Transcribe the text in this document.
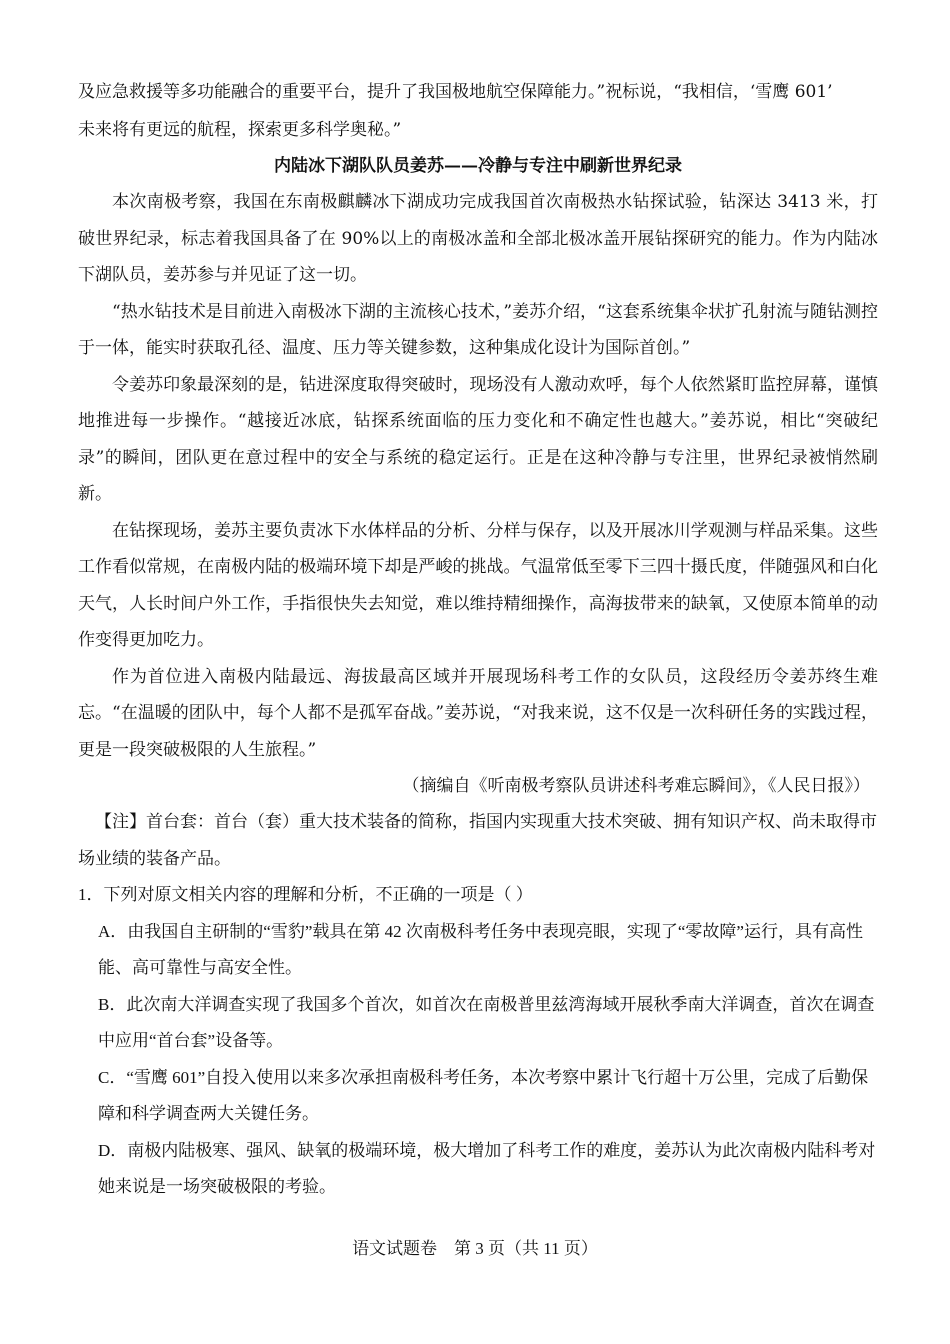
及应急救援等多功能融合的重要平台，提升了我国极地航空保障能力。”祝标说，“我相信，‘雪鹰 601’
未来将有更远的航程，探索更多科学奥秘。”
内陆冰下湖队队员姜苏——冷静与专注中刷新世界纪录

本次南极考察，我国在东南极麒麟冰下湖成功完成我国首次南极热水钻探试验，钻深达 3413 米，打破世界纪录，标志着我国具备了在 90%以上的南极冰盖和全部北极冰盖开展钻探研究的能力。作为内陆冰下湖队员，姜苏参与并见证了这一切。

“热水钻技术是目前进入南极冰下湖的主流核心技术，”姜苏介绍，“这套系统集伞状扩孔射流与随钻测控于一体，能实时获取孔径、温度、压力等关键参数，这种集成化设计为国际首创。”

令姜苏印象最深刻的是，钻进深度取得突破时，现场没有人激动欢呼，每个人依然紧盯监控屏幕，谨慎地推进每一步操作。“越接近冰底，钻探系统面临的压力变化和不确定性也越大。”姜苏说，相比“突破纪录”的瞬间，团队更在意过程中的安全与系统的稳定运行。正是在这种冷静与专注里，世界纪录被悄然刷新。

在钻探现场，姜苏主要负责冰下水体样品的分析、分样与保存，以及开展冰川学观测与样品采集。这些工作看似常规，在南极内陆的极端环境下却是严峻的挑战。气温常低至零下三四十摄氏度，伴随强风和白化天气，人长时间户外工作，手指很快失去知觉，难以维持精细操作，高海拔带来的缺氧，又使原本简单的动作变得更加吃力。

作为首位进入南极内陆最远、海拔最高区域并开展现场科考工作的女队员，这段经历令姜苏终生难忘。“在温暖的团队中，每个人都不是孤军奋战。”姜苏说，“对我来说，这不仅是一次科研任务的实践过程，更是一段突破极限的人生旅程。”

（摘编自《听南极考察队员讲述科考难忘瞬间》，《人民日报》）

【注】首台套：首台（套）重大技术装备的简称，指国内实现重大技术突破、拥有知识产权、尚未取得市场业绩的装备产品。

1．下列对原文相关内容的理解和分析，不正确的一项是（ ）

A．由我国自主研制的“雪豹”载具在第 42 次南极科考任务中表现亮眼，实现了“零故障”运行，具有高性能、高可靠性与高安全性。

B．此次南大洋调查实现了我国多个首次，如首次在南极普里兹湾海域开展秋季南大洋调查，首次在调查中应用“首台套”设备等。

C．“雪鹰 601”自投入使用以来多次承担南极科考任务，本次考察中累计飞行超十万公里，完成了后勤保障和科学调查两大关键任务。

D．南极内陆极寒、强风、缺氧的极端环境，极大增加了科考工作的难度，姜苏认为此次南极内陆科考对她来说是一场突破极限的考验。

语文试题卷　第 3 页（共 11 页）
